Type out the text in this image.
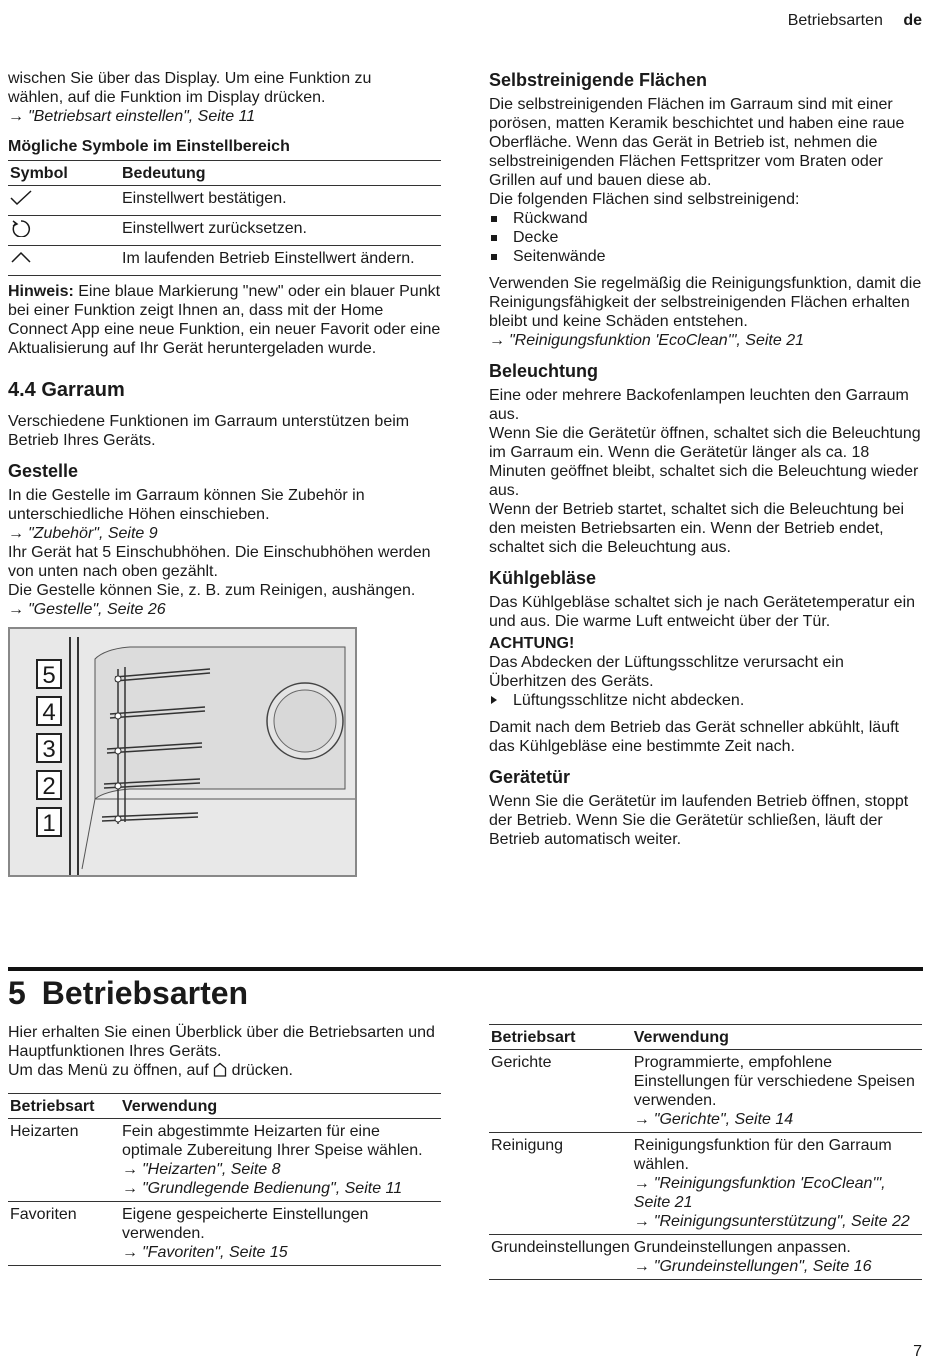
Betriebsarten de

wischen Sie über das Display. Um eine Funktion zu

wählen, auf die Funktion im Display drücken.

→ "Betriebsart einstellen", Seite 11
Mögliche Symbole im Einstellbereich
Symbol	Bedeutung
	Einstellwert bestätigen.
	Einstellwert zurücksetzen.
	Im laufenden Betrieb Einstellwert ändern.

Hinweis: Eine blaue Markierung "new" oder ein blauer Punkt bei einer Funktion zeigt Ihnen an, dass mit der Home Connect App eine neue Funktion, ein neuer Favorit oder eine Aktualisierung auf Ihr Gerät heruntergeladen wurde.

4.4 Garraum

Verschiedene Funktionen im Garraum unterstützen beim Betrieb Ihres Geräts.

Gestelle

In die Gestelle im Garraum können Sie Zubehör in unterschiedliche Höhen einschieben.

→ "Zubehör", Seite 9

Ihr Gerät hat 5 Einschubhöhen. Die Einschubhöhen werden von unten nach oben gezählt.

Die Gestelle können Sie, z. B. zum Reinigen, aushängen.

→ "Gestelle", Seite 26
5
4
3
2
1
Selbstreinigende Flächen

Die selbstreinigenden Flächen im Garraum sind mit einer porösen, matten Keramik beschichtet und haben eine raue Oberfläche. Wenn das Gerät in Betrieb ist, nehmen die selbstreinigenden Flächen Fettspritzer vom Braten oder Grillen auf und bauen diese ab.

Die folgenden Flächen sind selbstreinigend:

Rückwand
Decke
Seitenwände

Verwenden Sie regelmäßig die Reinigungsfunktion, damit die Reinigungsfähigkeit der selbstreinigenden Flächen erhalten bleibt und keine Schäden entstehen.

→ "Reinigungsfunktion 'EcoClean'", Seite 21
Beleuchtung

Eine oder mehrere Backofenlampen leuchten den Garraum aus.

Wenn Sie die Gerätetür öffnen, schaltet sich die Beleuchtung im Garraum ein. Wenn die Gerätetür länger als ca. 18 Minuten geöffnet bleibt, schaltet sich die Beleuchtung wieder aus.

Wenn der Betrieb startet, schaltet sich die Beleuchtung bei den meisten Betriebsarten ein. Wenn der Betrieb endet, schaltet sich die Beleuchtung aus.

Kühlgebläse

Das Kühlgebläse schaltet sich je nach Gerätetemperatur ein und aus. Die warme Luft entweicht über der Tür.

ACHTUNG!

Das Abdecken der Lüftungsschlitze verursacht ein Überhitzen des Geräts.

Lüftungsschlitze nicht abdecken.

Damit nach dem Betrieb das Gerät schneller abkühlt, läuft das Kühlgebläse eine bestimmte Zeit nach.

Gerätetür

Wenn Sie die Gerätetür im laufenden Betrieb öffnen, stoppt der Betrieb. Wenn Sie die Gerätetür schließen, läuft der Betrieb automatisch weiter.

5 Betriebsarten

Hier erhalten Sie einen Überblick über die Betriebsarten und Hauptfunktionen Ihres Geräts.

Um das Menü zu öffnen, auf  drücken.

Betriebsart	Verwendung
Heizarten	Fein abgestimmte Heizarten für eine optimale Zubereitung Ihrer Speise wählen.
→ "Heizarten", Seite 8
→ "Grundlegende Bedienung", Seite 11

Favoriten	Eigene gespeicherte Einstellungen verwenden.
→ "Favoriten", Seite 15
Betriebsart	Verwendung
Gerichte	Programmierte, empfohlene Einstellungen für verschiedene Speisen verwenden.
→ "Gerichte", Seite 14

Reinigung	Reinigungsfunktion für den Garraum wählen.
→ "Reinigungsfunktion 'EcoClean'", Seite 21
→ "Reinigungsunterstützung", Seite 22

Grundeinstellungen	Grundeinstellungen anpassen.
→ "Grundeinstellungen", Seite 16
7
